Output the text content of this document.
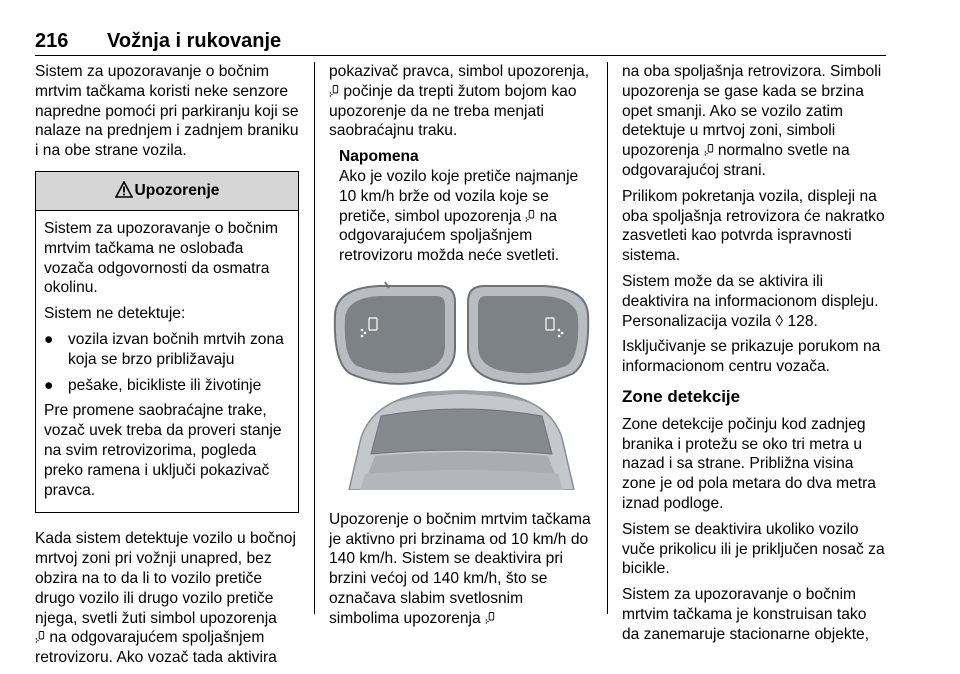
216 Vožnja i rukovanje

Sistem za upozoravanje o bočnim mrtvim tačkama koristi neke senzore napredne pomoći pri parkiranju koji se nalaze na prednjem i zadnjem braniku i na obe strane vozila.

Upozorenje

Sistem za upozoravanje o bočnim mrtvim tačkama ne oslobađa vozača odgovornosti da osmatra okolinu.

Sistem ne detektuje:

● vozila izvan bočnih mrtvih zona koja se brzo približavaju
● pešake, bicikliste ili životinje

Pre promene saobraćajne trake, vozač uvek treba da proveri stanje na svim retrovizorima, pogleda preko ramena i uključi pokazivač pravca.

Kada sistem detektuje vozilo u bočnoj mrtvoj zoni pri vožnji unapred, bez obzira na to da li to vozilo pretiče drugo vozilo ili drugo vozilo pretiče njega, svetli žuti simbol upozorenja
na odgovarajućem spoljašnjem retrovizoru. Ako vozač tada aktivira

pokazivač pravca, simbol upozorenja,  počinje da trepti žutom bojom kao upozorenje da ne treba menjati saobraćajnu traku.

Napomena
Ako je vozilo koje pretiče najmanje 10 km/h brže od vozila koje se pretiče, simbol upozorenja na odgovarajućem spoljašnjem retrovizoru možda neće svetleti.

Upozorenje o bočnim mrtvim tačkama je aktivno pri brzinama od 10 km/h do 140 km/h. Sistem se deaktivira pri brzini većoj od 140 km/h, što se označava slabim svetlosnim simbolima upozorenja

na oba spoljašnja retrovizora. Simboli upozorenja se gase kada se brzina opet smanji. Ako se vozilo zatim detektuje u mrtvoj zoni, simboli upozorenja normalno svetle na odgovarajućoj strani.

Prilikom pokretanja vozila, displeji na oba spoljašnja retrovizora će nakratko zasvetleti kao potvrda ispravnosti sistema.

Sistem može da se aktivira ili deaktivira na informacionom displeju. Personalizacija vozila ◊ 128.

Isključivanje se prikazuje porukom na informacionom centru vozača.

Zone detekcije

Zone detekcije počinju kod zadnjeg branika i protežu se oko tri metra u nazad i sa strane. Približna visina zone je od pola metara do dva metra iznad podloge.

Sistem se deaktivira ukoliko vozilo vuče prikolicu ili je priključen nosač za bicikle.

Sistem za upozoravanje o bočnim mrtvim tačkama je konstruisan tako da zanemaruje stacionarne objekte,
